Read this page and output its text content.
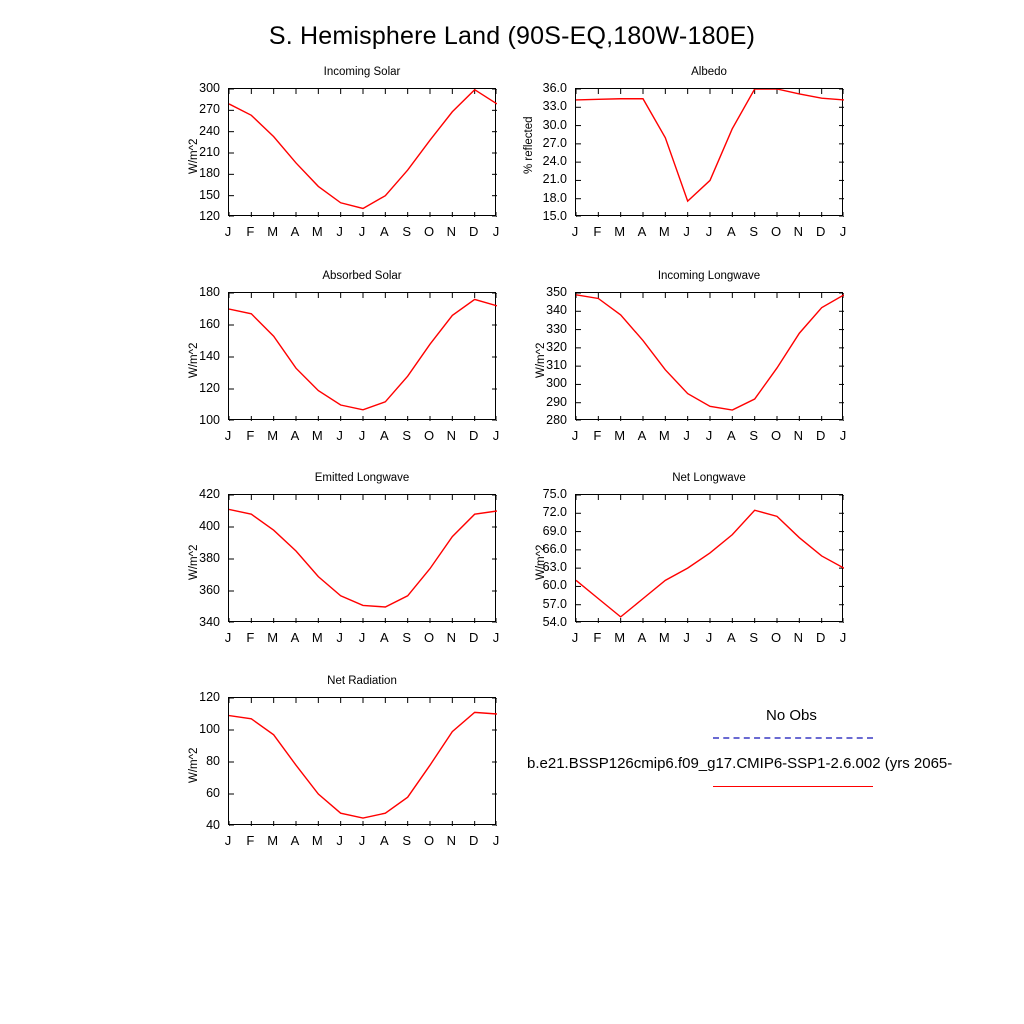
S. Hemisphere Land (90S-EQ,180W-180E)
Incoming Solar
120
150
180
210
240
270
300
J	F M A M	J	J	A	S O N D	J
W/m^2
Albedo
15.0
18.0
21.0
24.0
27.0
30.0
33.0
36.0
J	F M A M	J	J	A	S O N D	J
% reflected
Absorbed Solar
100
120
140
160
180
J	F M A M	J	J	A	S O N D	J
W/m^2
Incoming Longwave
280
290
300
310
320
330
340
350
J	F M A M	J	J	A	S O N D	J
W/m^2
Emitted Longwave
340
360
380
400
420
J	F M A M	J	J	A	S O N D	J
W/m^2
Net Longwave
54.0
57.0
60.0
63.0
66.0
69.0
72.0
75.0
J	F M A M	J	J	A	S O N D	J
W/m^2
Net Radiation
40
60
80
100
120
J	F M A M	J	J	A	S O N D	J
W/m^2
No Obs
b.e21.BSSP126cmip6.f09_g17.CMIP6-SSP1-2.6.002 (yrs 2065-
